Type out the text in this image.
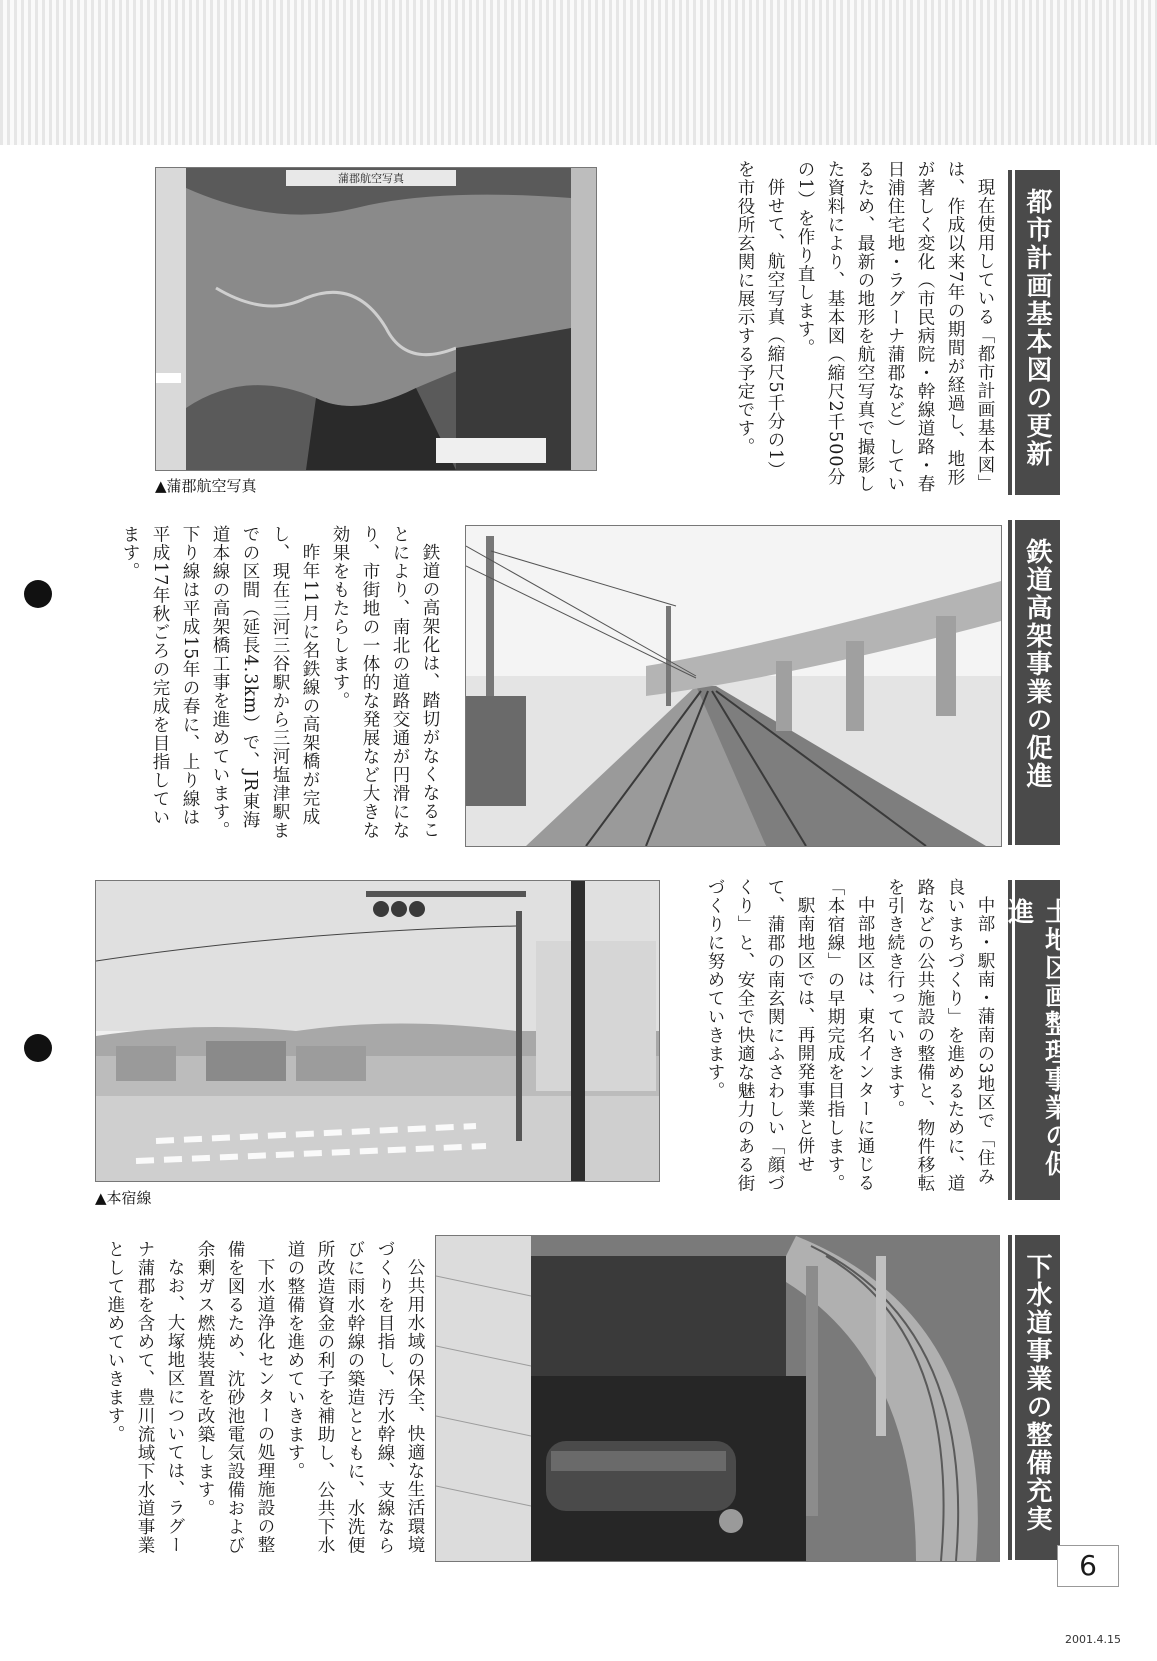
都市計画基本図の更新

現在使用している「都市計画基本図」は、作成以来7年の期間が経過し、地形が著しく変化（市民病院・幹線道路・春日浦住宅地・ラグーナ蒲郡など）しているため、最新の地形を航空写真で撮影した資料により、基本図（縮尺2千500分の1）を作り直します。

併せて、航空写真（縮尺5千分の1）を市役所玄関に展示する予定です。

蒲郡航空写真
▲蒲郡航空写真
鉄道高架事業の促進

鉄道の高架化は、踏切がなくなることにより、南北の道路交通が円滑になり、市街地の一体的な発展など大きな効果をもたらします。

昨年11月に名鉄線の高架橋が完成し、現在三河三谷駅から三河塩津駅までの区間（延長4.3km）で、JR東海道本線の高架橋工事を進めています。下り線は平成15年の春に、上り線は平成17年秋ごろの完成を目指しています。

土地区画整理事業の促進

中部・駅南・蒲南の3地区で「住み良いまちづくり」を進めるために、道路などの公共施設の整備と、物件移転を引き続き行っていきます。

中部地区は、東名インターに通じる「本宿線」の早期完成を目指します。

駅南地区では、再開発事業と併せて、蒲郡の南玄関にふさわしい「顔づくり」と、安全で快適な魅力のある街づくりに努めていきます。

▲本宿線
下水道事業の整備充実

公共用水域の保全、快適な生活環境づくりを目指し、汚水幹線、支線ならびに雨水幹線の築造とともに、水洗便所改造資金の利子を補助し、公共下水道の整備を進めていきます。

下水道浄化センターの処理施設の整備を図るため、沈砂池電気設備および余剰ガス燃焼装置を改築します。

なお、大塚地区については、ラグーナ蒲郡を含めて、豊川流域下水道事業として進めていきます。

6
2001.4.15
